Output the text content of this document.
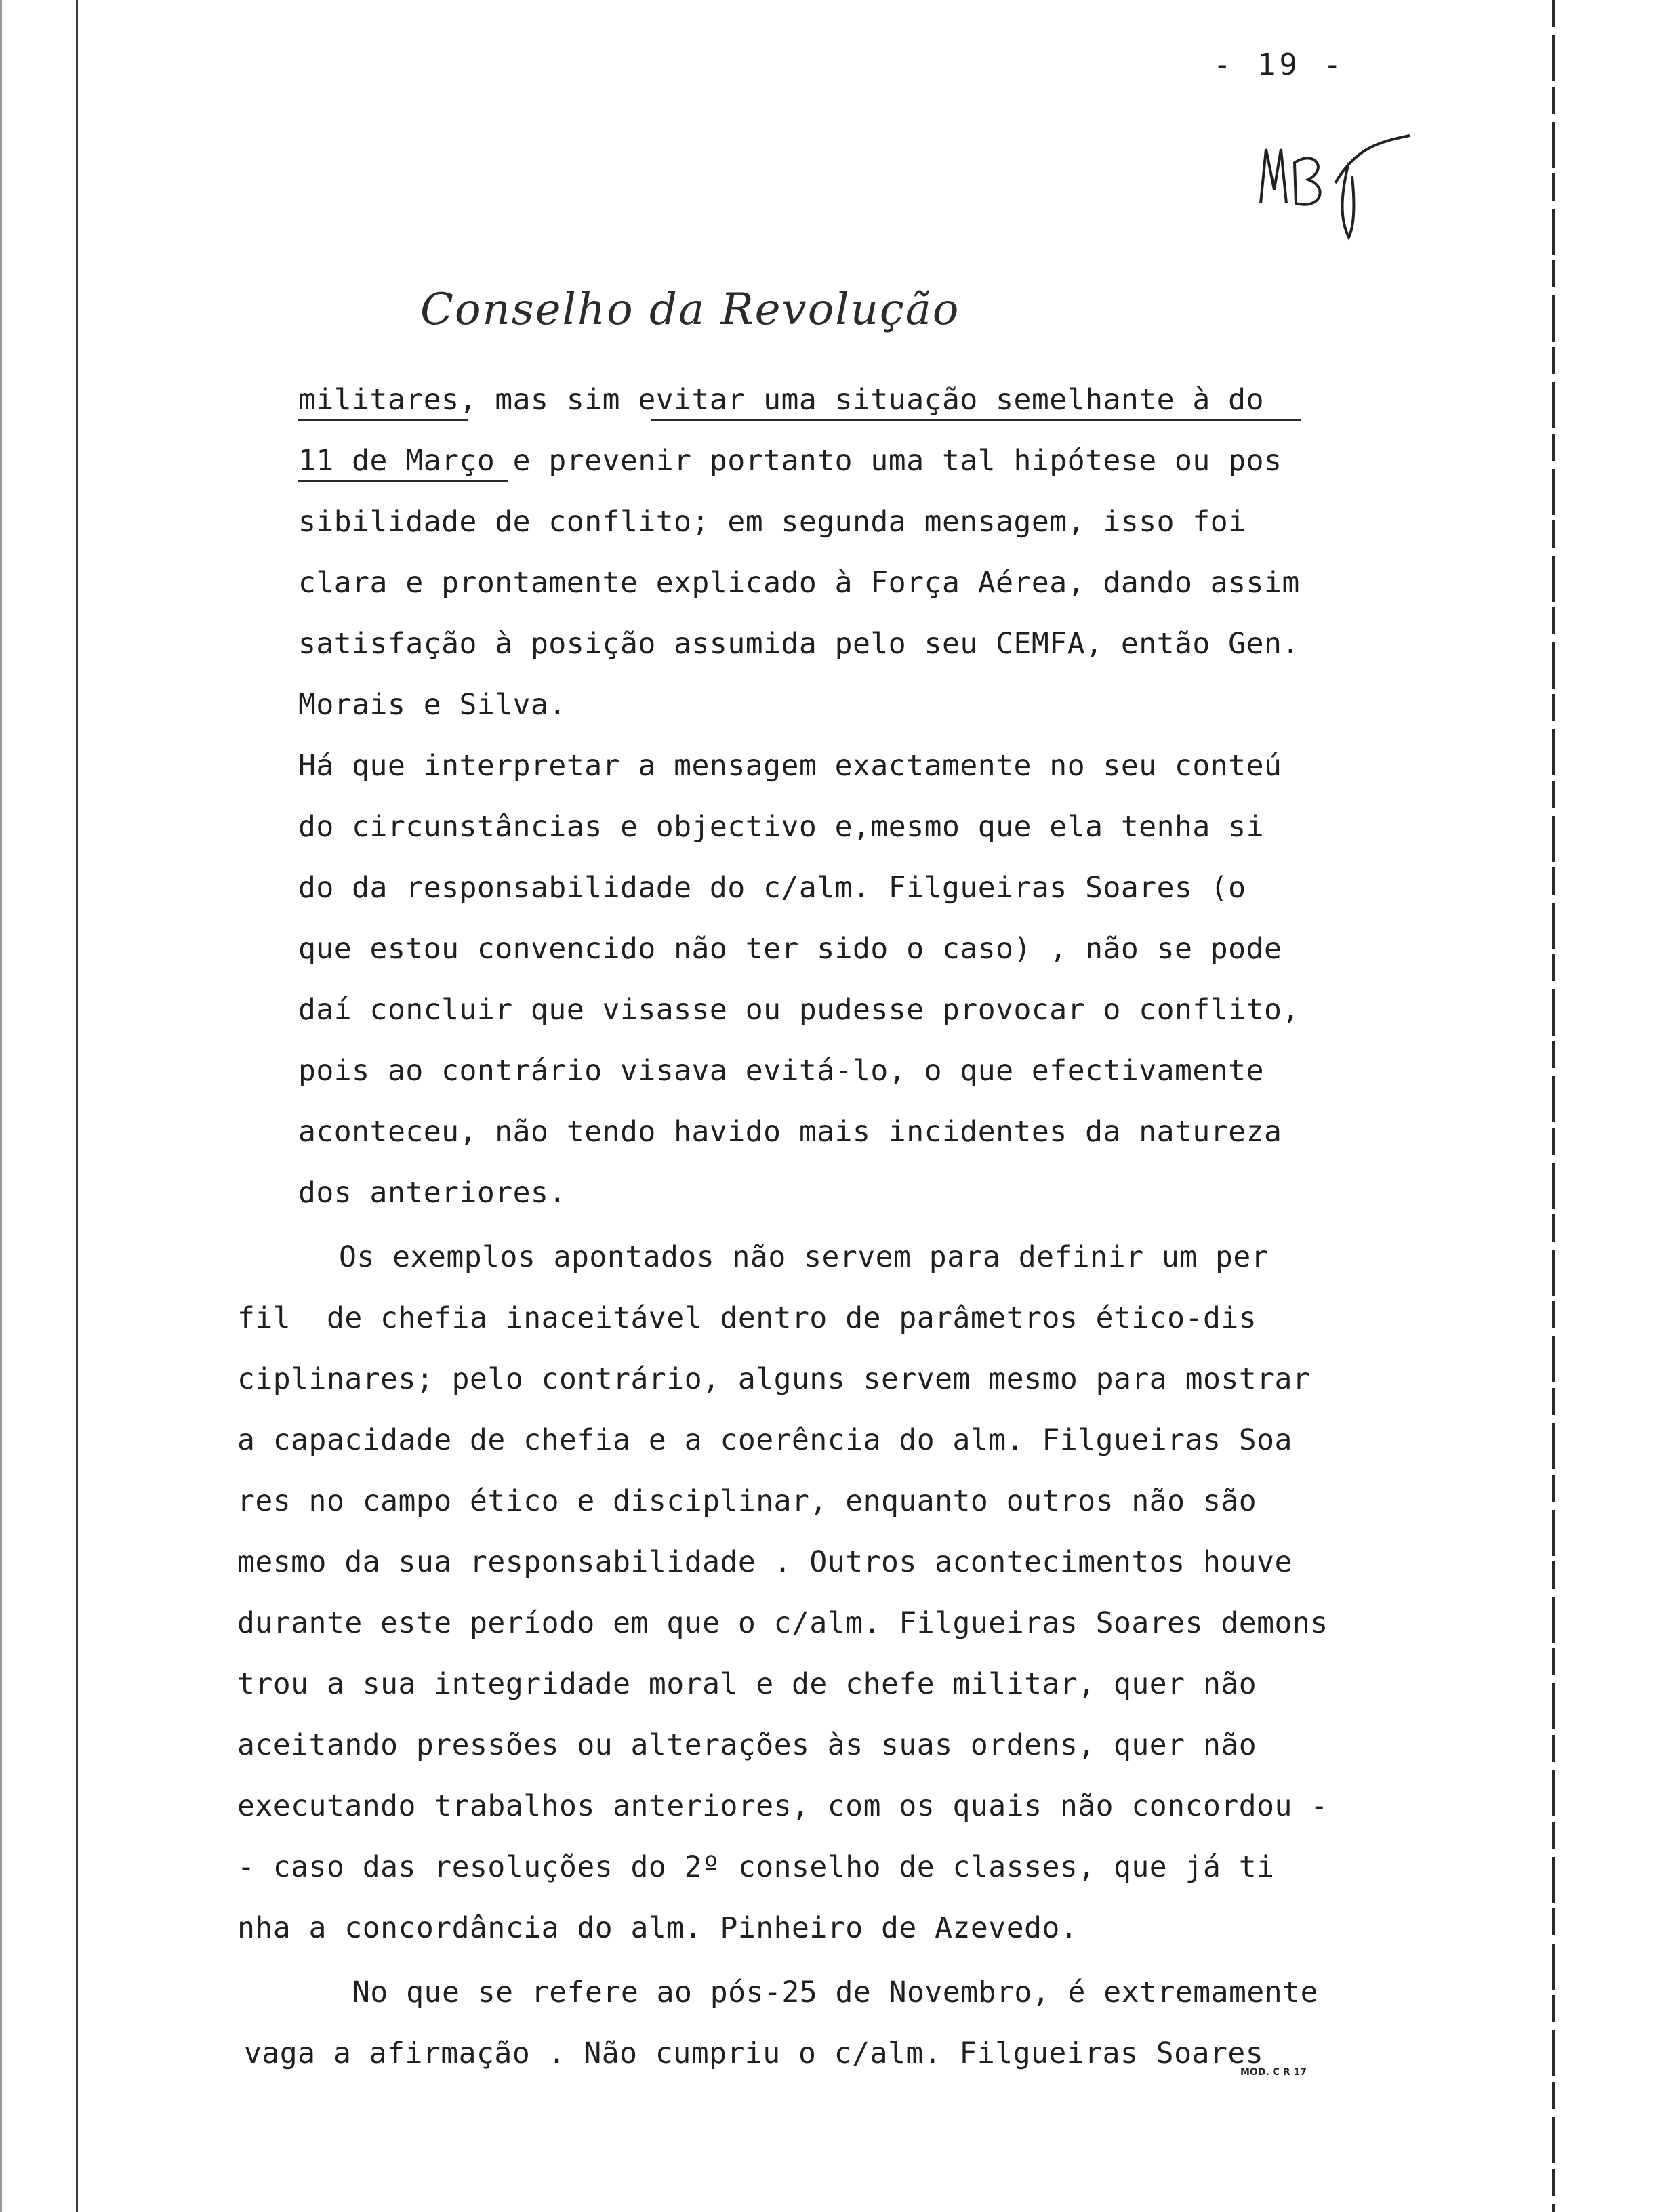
- 19 -
Conselho da Revolução
militares, mas sim evitar uma situação semelhante à do
11 de Março e prevenir portanto uma tal hipótese ou pos
sibilidade de conflito; em segunda mensagem, isso foi
clara e prontamente explicado à Força Aérea, dando assim
satisfação à posição assumida pelo seu CEMFA, então Gen.
Morais e Silva.
Há que interpretar a mensagem exactamente no seu conteú
do circunstâncias e objectivo e,mesmo que ela tenha si
do da responsabilidade do c/alm. Filgueiras Soares (o
que estou convencido não ter sido o caso) , não se pode
daí concluir que visasse ou pudesse provocar o conflito,
pois ao contrário visava evitá-lo, o que efectivamente
aconteceu, não tendo havido mais incidentes da natureza
dos anteriores.
Os exemplos apontados não servem para definir um per
fil  de chefia inaceitável dentro de parâmetros ético-dis
ciplinares; pelo contrário, alguns servem mesmo para mostrar
a capacidade de chefia e a coerência do alm. Filgueiras Soa
res no campo ético e disciplinar, enquanto outros não são
mesmo da sua responsabilidade . Outros acontecimentos houve
durante este período em que o c/alm. Filgueiras Soares demons
trou a sua integridade moral e de chefe militar, quer não
aceitando pressões ou alterações às suas ordens, quer não
executando trabalhos anteriores, com os quais não concordou -
- caso das resoluções do 2º conselho de classes, que já ti
nha a concordância do alm. Pinheiro de Azevedo.
No que se refere ao pós-25 de Novembro, é extremamente
vaga a afirmação . Não cumpriu o c/alm. Filgueiras Soares
MOD. C R 17
